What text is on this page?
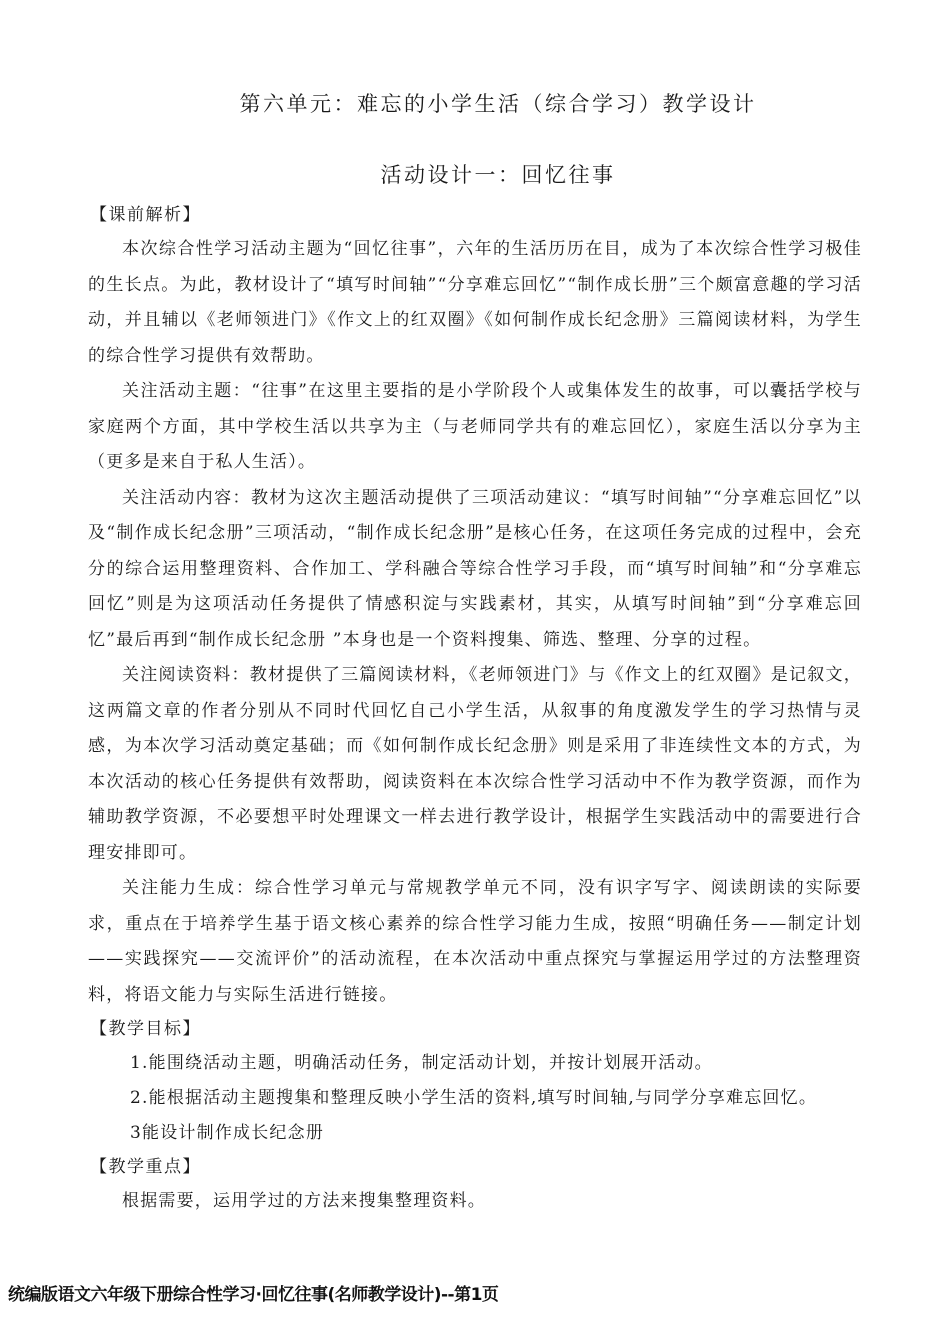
第六单元：难忘的小学生活（综合学习）教学设计
活动设计一：回忆往事
【课前解析】

本次综合性学习活动主题为“回忆往事”，六年的生活历历在目，成为了本次综合性学习极佳的生长点。为此，教材设计了“填写时间轴”“分享难忘回忆”“制作成长册”三个颇富意趣的学习活动，并且辅以《老师领进门》《作文上的红双圈》《如何制作成长纪念册》三篇阅读材料，为学生的综合性学习提供有效帮助。

关注活动主题：“往事”在这里主要指的是小学阶段个人或集体发生的故事，可以囊括学校与家庭两个方面，其中学校生活以共享为主（与老师同学共有的难忘回忆），家庭生活以分享为主（更多是来自于私人生活）。

关注活动内容：教材为这次主题活动提供了三项活动建议：“填写时间轴”“分享难忘回忆”以及“制作成长纪念册”三项活动，“制作成长纪念册”是核心任务，在这项任务完成的过程中，会充分的综合运用整理资料、合作加工、学科融合等综合性学习手段，而“填写时间轴”和“分享难忘回忆”则是为这项活动任务提供了情感积淀与实践素材，其实，从填写时间轴”到“分享难忘回忆”最后再到“制作成长纪念册 ”本身也是一个资料搜集、筛选、整理、分享的过程。

关注阅读资料：教材提供了三篇阅读材料，《老师领进门》与《作文上的红双圈》是记叙文，这两篇文章的作者分别从不同时代回忆自己小学生活，从叙事的角度激发学生的学习热情与灵感，为本次学习活动奠定基础；而《如何制作成长纪念册》则是采用了非连续性文本的方式，为本次活动的核心任务提供有效帮助，阅读资料在本次综合性学习活动中不作为教学资源，而作为辅助教学资源，不必要想平时处理课文一样去进行教学设计，根据学生实践活动中的需要进行合理安排即可。

关注能力生成：综合性学习单元与常规教学单元不同，没有识字写字、阅读朗读的实际要求，重点在于培养学生基于语文核心素养的综合性学习能力生成，按照“明确任务——制定计划——实践探究——交流评价”的活动流程，在本次活动中重点探究与掌握运用学过的方法整理资料，将语文能力与实际生活进行链接。

【教学目标】
1.能围绕活动主题，明确活动任务，制定活动计划，并按计划展开活动。
2.能根据活动主题搜集和整理反映小学生活的资料,填写时间轴,与同学分享难忘回忆。
3能设计制作成长纪念册
【教学重点】

根据需要，运用学过的方法来搜集整理资料。

统编版语文六年级下册综合性学习·回忆往事(名师教学设计)--第1页
